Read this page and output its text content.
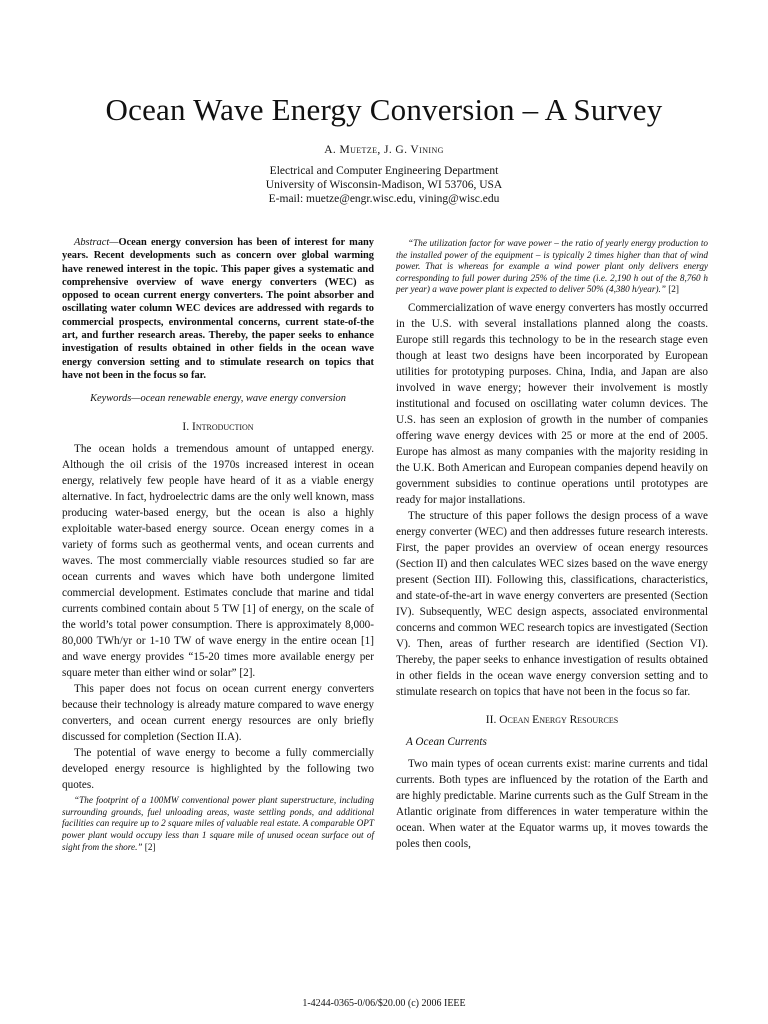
Ocean Wave Energy Conversion – A Survey
A. Muetze, J. G. Vining
Electrical and Computer Engineering Department
University of Wisconsin-Madison, WI 53706, USA
E-mail: muetze@engr.wisc.edu, vining@wisc.edu

Abstract—Ocean energy conversion has been of interest for many years. Recent developments such as concern over global warming have renewed interest in the topic. This paper gives a systematic and comprehensive overview of wave energy converters (WEC) as opposed to ocean current energy converters. The point absorber and oscillating water column WEC devices are addressed with regards to commercial prospects, environmental concerns, current state-of-the art, and further research areas. Thereby, the paper seeks to enhance investigation of results obtained in other fields in the ocean wave energy conversion setting and to stimulate research on topics that have not been in the focus so far.

Keywords—ocean renewable energy, wave energy conversion

I. Introduction

The ocean holds a tremendous amount of untapped energy. Although the oil crisis of the 1970s increased interest in ocean energy, relatively few people have heard of it as a viable energy alternative. In fact, hydroelectric dams are the only well known, mass producing water-based energy, but the ocean is also a highly exploitable water-based energy source. Ocean energy comes in a variety of forms such as geothermal vents, and ocean currents and waves. The most commercially viable resources studied so far are ocean currents and waves which have both undergone limited commercial development. Estimates conclude that marine and tidal currents combined contain about 5 TW [1] of energy, on the scale of the world’s total power consumption. There is approximately 8,000-80,000 TWh/yr or 1-10 TW of wave energy in the entire ocean [1] and wave energy provides “15-20 times more available energy per square meter than either wind or solar” [2].

This paper does not focus on ocean current energy converters because their technology is already mature compared to wave energy converters, and ocean current energy resources are only briefly discussed for completion (Section II.A).

The potential of wave energy to become a fully commercially developed energy resource is highlighted by the following two quotes.

“The footprint of a 100MW conventional power plant superstructure, including surrounding grounds, fuel unloading areas, waste settling ponds, and additional facilities can require up to 2 square miles of valuable real estate. A comparable OPT power plant would occupy less than 1 square mile of unused ocean surface out of sight from the shore.” [2]

“The utilization factor for wave power – the ratio of yearly energy production to the installed power of the equipment – is typically 2 times higher than that of wind power. That is whereas for example a wind power plant only delivers energy corresponding to full power during 25% of the time (i.e. 2,190 h out of the 8,760 h per year) a wave power plant is expected to deliver 50% (4,380 h/year).” [2]

Commercialization of wave energy converters has mostly occurred in the U.S. with several installations planned along the coasts. Europe still regards this technology to be in the research stage even though at least two designs have been incorporated by European utilities for prototyping purposes. China, India, and Japan are also involved in wave energy; however their involvement is mostly institutional and focused on oscillating water column devices. The U.S. has seen an explosion of growth in the number of companies offering wave energy devices with 25 or more at the end of 2005. Europe has almost as many companies with the majority residing in the U.K. Both American and European companies depend heavily on government subsidies to continue operations until prototypes are ready for major installations.

The structure of this paper follows the design process of a wave energy converter (WEC) and then addresses future research interests. First, the paper provides an overview of ocean energy resources (Section II) and then calculates WEC sizes based on the wave energy present (Section III). Following this, classifications, characteristics, and state-of-the-art in wave energy converters are presented (Section IV). Subsequently, WEC design aspects, associated environmental concerns and common WEC research topics are investigated (Section V). Then, areas of further research are identified (Section VI). Thereby, the paper seeks to enhance investigation of results obtained in other fields in the ocean wave energy conversion setting and to stimulate research on topics that have not been in the focus so far.

II. Ocean Energy Resources
A Ocean Currents

Two main types of ocean currents exist: marine currents and tidal currents. Both types are influenced by the rotation of the Earth and are highly predictable. Marine currents such as the Gulf Stream in the Atlantic originate from differences in water temperature within the ocean. When water at the Equator warms up, it moves towards the poles then cools,

1-4244-0365-0/06/$20.00 (c) 2006 IEEE
